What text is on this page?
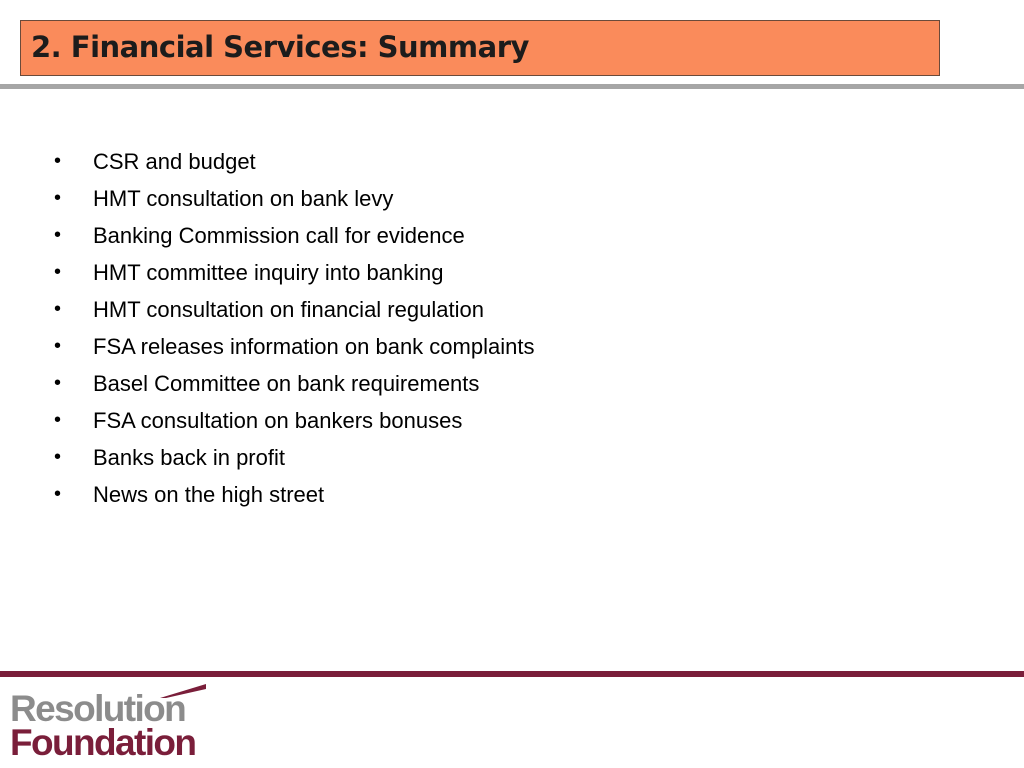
2. Financial Services: Summary
•	CSR and budget
•	HMT consultation on bank levy
•	Banking Commission call for evidence
•	HMT committee inquiry into banking
•	HMT consultation on financial regulation
•	FSA releases information on bank complaints
•	Basel Committee on bank requirements
•	FSA consultation on bankers bonuses
•	Banks back in profit
•	News on the high street
Resolution
Foundation
